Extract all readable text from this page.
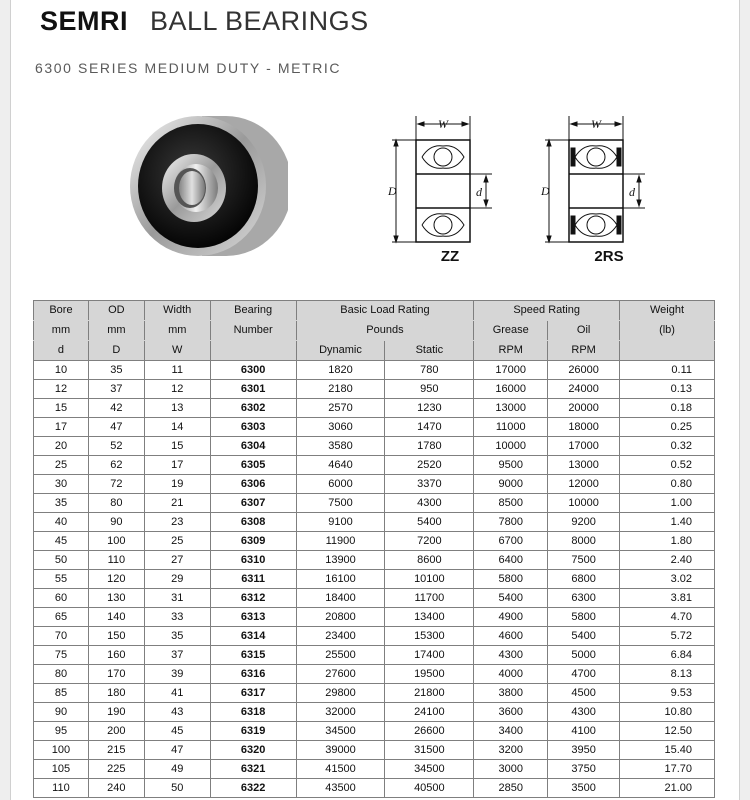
SEMRI BALL BEARINGS
6300 SERIES MEDIUM DUTY - METRIC
D	d
W
ZZ
D	d
W
2RS
Bore	OD	Width	Bearing	Basic Load Rating		Speed Rating		Weight
mm	mm	mm	Number	Pounds		Grease	Oil	(lb)
d	D	W		Dynamic	Static	RPM	RPM	
10	35	11	6300	1820	780	17000	26000	0.11
12	37	12	6301	2180	950	16000	24000	0.13
15	42	13	6302	2570	1230	13000	20000	0.18
17	47	14	6303	3060	1470	11000	18000	0.25
20	52	15	6304	3580	1780	10000	17000	0.32
25	62	17	6305	4640	2520	9500	13000	0.52
30	72	19	6306	6000	3370	9000	12000	0.80
35	80	21	6307	7500	4300	8500	10000	1.00
40	90	23	6308	9100	5400	7800	9200	1.40
45	100	25	6309	11900	7200	6700	8000	1.80
50	110	27	6310	13900	8600	6400	7500	2.40
55	120	29	6311	16100	10100	5800	6800	3.02
60	130	31	6312	18400	11700	5400	6300	3.81
65	140	33	6313	20800	13400	4900	5800	4.70
70	150	35	6314	23400	15300	4600	5400	5.72
75	160	37	6315	25500	17400	4300	5000	6.84
80	170	39	6316	27600	19500	4000	4700	8.13
85	180	41	6317	29800	21800	3800	4500	9.53
90	190	43	6318	32000	24100	3600	4300	10.80
95	200	45	6319	34500	26600	3400	4100	12.50
100	215	47	6320	39000	31500	3200	3950	15.40
105	225	49	6321	41500	34500	3000	3750	17.70
110	240	50	6322	43500	40500	2850	3500	21.00
